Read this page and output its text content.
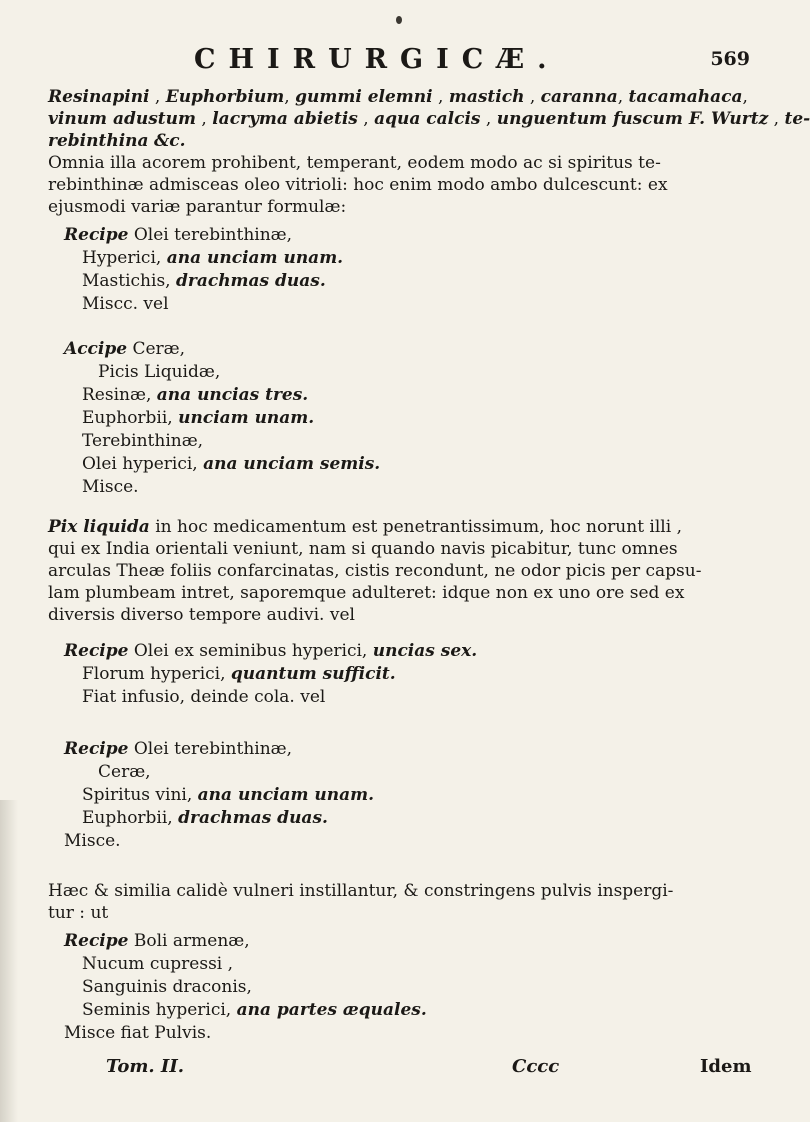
CHIRURGICÆ.	569
Resinapini , Euphorbium, gummi elemni , mastich , caranna, tacamahaca,
vinum adustum , lacryma abietis , aqua calcis , unguentum fuscum F. Wurtz , te-
rebinthina &c.
Omnia illa acorem prohibent, temperant, eodem modo ac si spiritus te-
rebinthinæ admisceas oleo vitrioli: hoc enim modo ambo dulcescunt: ex
ejusmodi variæ parantur formulæ:
Recipe Olei terebinthinæ,
Hyperici, ana unciam unam.
Mastichis, drachmas duas.
Miscc. vel
Accipe Ceræ,
Picis Liquidæ,
Resinæ, ana uncias tres.
Euphorbii, unciam unam.
Terebinthinæ,
Olei hyperici, ana unciam semis.
Misce.
Pix liquida in hoc medicamentum est penetrantissimum, hoc norunt illi ,
qui ex India orientali veniunt, nam si quando navis picabitur, tunc omnes
arculas Theæ foliis confarcinatas, cistis recondunt, ne odor picis per capsu-
lam plumbeam intret, saporemque adulteret: idque non ex uno ore sed ex
diversis diverso tempore audivi. vel
Recipe Olei ex seminibus hyperici, uncias sex.
Florum hyperici, quantum sufficit.
Fiat infusio, deinde cola. vel
Recipe Olei terebinthinæ,
Ceræ,
Spiritus vini, ana unciam unam.
Euphorbii, drachmas duas.
Misce.
Hæc & similia calidè vulneri instillantur, & constringens pulvis inspergi-
tur : ut
Recipe Boli armenæ,
Nucum cupressi ,
Sanguinis draconis,
Seminis hyperici, ana partes æquales.
Misce fiat Pulvis.
Tom. II.	Cccc	Idem
